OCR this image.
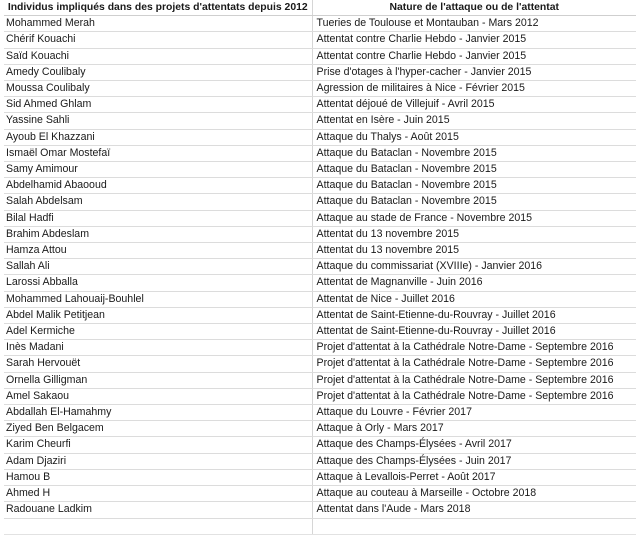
Individus impliqués dans des projets d'attentats depuis 2012	Nature de l'attaque ou de l'attentat
Mohammed Merah	Tueries de Toulouse et Montauban - Mars 2012
Chérif Kouachi	Attentat contre Charlie Hebdo - Janvier 2015
Saïd Kouachi	Attentat contre Charlie Hebdo - Janvier 2015
Amedy Coulibaly	Prise d'otages à l'hyper-cacher - Janvier 2015
Moussa Coulibaly	Agression de militaires à Nice - Février 2015
Sid Ahmed Ghlam	Attentat déjoué de Villejuif - Avril 2015
Yassine Sahli	Attentat en Isère - Juin 2015
Ayoub El Khazzani	Attaque du Thalys - Août 2015
Ismaël Omar Mostefaï	Attaque du Bataclan - Novembre 2015
Samy Amimour	Attaque du Bataclan - Novembre 2015
Abdelhamid Abaooud	Attaque du Bataclan - Novembre 2015
Salah Abdelsam	Attaque du Bataclan - Novembre 2015
Bilal Hadfi	Attaque au stade de France - Novembre 2015
Brahim Abdeslam	Attentat du 13 novembre 2015
Hamza Attou	Attentat du 13 novembre 2015
Sallah Ali	Attaque du commissariat (XVIIIe) - Janvier 2016
Larossi Abballa	Attentat de Magnanville - Juin 2016
Mohammed Lahouaij-Bouhlel	Attentat de Nice - Juillet 2016
Abdel Malik Petitjean	Attentat de Saint-Etienne-du-Rouvray - Juillet 2016
Adel Kermiche	Attentat de Saint-Etienne-du-Rouvray - Juillet 2016
Inès Madani	Projet d'attentat à la Cathédrale Notre-Dame - Septembre 2016
Sarah Hervouët	Projet d'attentat à la Cathédrale Notre-Dame - Septembre 2016
Ornella Gilligman	Projet d'attentat à la Cathédrale Notre-Dame - Septembre 2016
Amel Sakaou	Projet d'attentat à la Cathédrale Notre-Dame - Septembre 2016
Abdallah El-Hamahmy	Attaque du Louvre - Février 2017
Ziyed Ben Belgacem	Attaque à Orly - Mars 2017
Karim Cheurfi	Attaque des Champs-Élysées - Avril 2017
Adam Djaziri	Attaque des Champs-Élysées - Juin 2017
Hamou B	Attaque à Levallois-Perret - Août 2017
Ahmed H	Attaque au couteau à Marseille - Octobre 2018
Radouane Ladkim	Attentat dans l'Aude - Mars 2018
